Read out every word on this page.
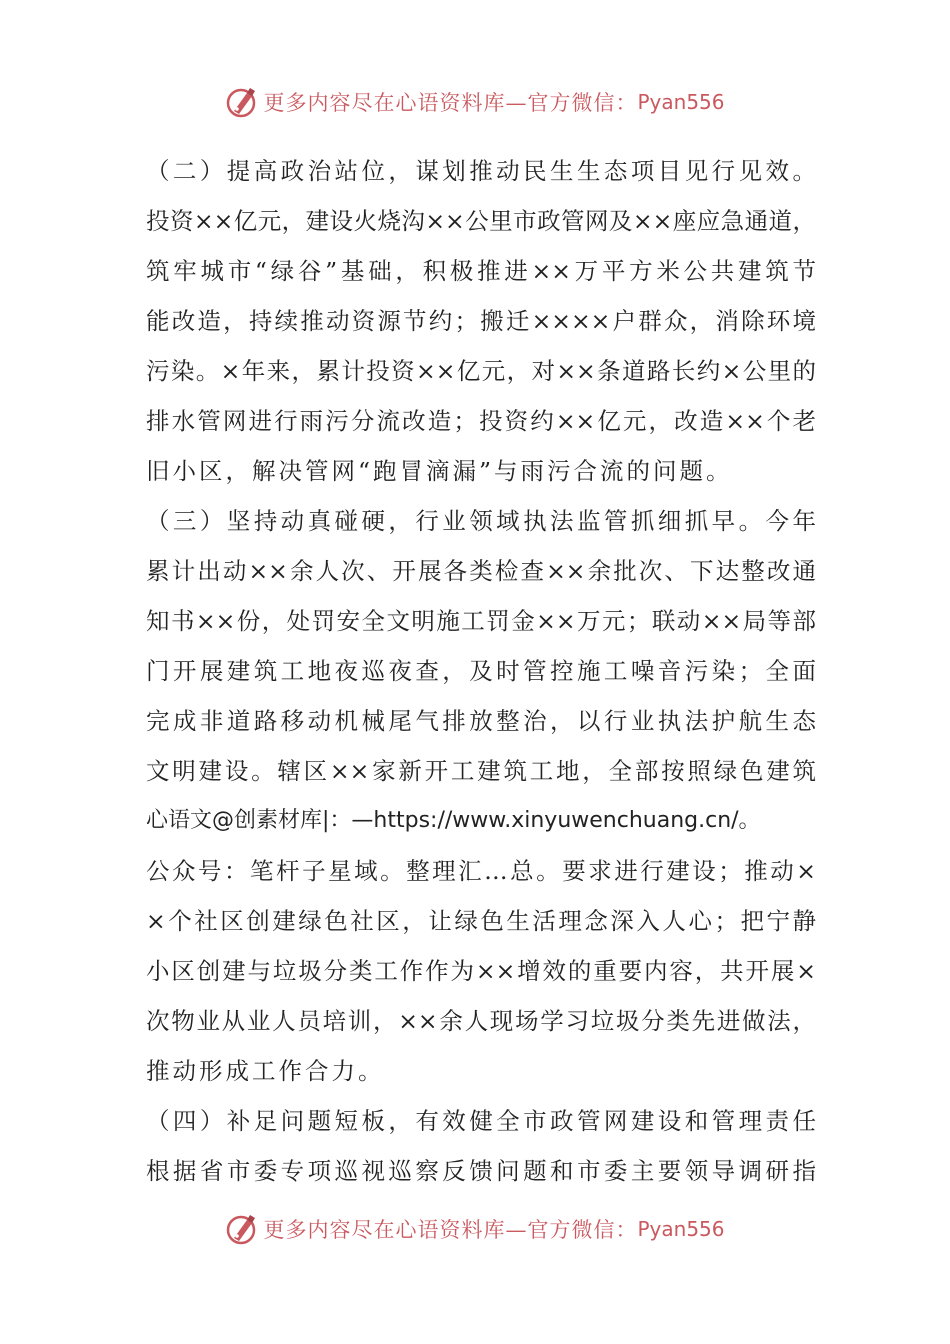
更多内容尽在心语资料库—官方微信： Pyan556
（二）提高政治站位，谋划推动民生生态项目见行见效。
投资××亿元，建设火烧沟××公里市政管网及××座应急通道，
筑牢城市“绿谷”基础，积极推进××万平方米公共建筑节
能改造，持续推动资源节约；搬迁××××户群众，消除环境
污染。×年来，累计投资××亿元，对××条道路长约×公里的
排水管网进行雨污分流改造；投资约××亿元，改造××个老
旧小区，解决管网“跑冒滴漏”与雨污合流的问题。
（三）坚持动真碰硬，行业领域执法监管抓细抓早。今年
累计出动××余人次、开展各类检查××余批次、下达整改通
知书××份，处罚安全文明施工罚金××万元；联动××局等部
门开展建筑工地夜巡夜查，及时管控施工噪音污染；全面
完成非道路移动机械尾气排放整治，以行业执法护航生态
文明建设。辖区××家新开工建筑工地，全部按照绿色建筑
心语文@创素材库|：—https://www.xinyuwenchuang.cn/。
公众号：笔杆子星域。整理汇…总。要求进行建设；推动×
×个社区创建绿色社区，让绿色生活理念深入人心；把宁静
小区创建与垃圾分类工作作为××增效的重要内容，共开展×
次物业从业人员培训，××余人现场学习垃圾分类先进做法，
推动形成工作合力。
（四）补足问题短板，有效健全市政管网建设和管理责任
根据省市委专项巡视巡察反馈问题和市委主要领导调研指
更多内容尽在心语资料库—官方微信： Pyan556
